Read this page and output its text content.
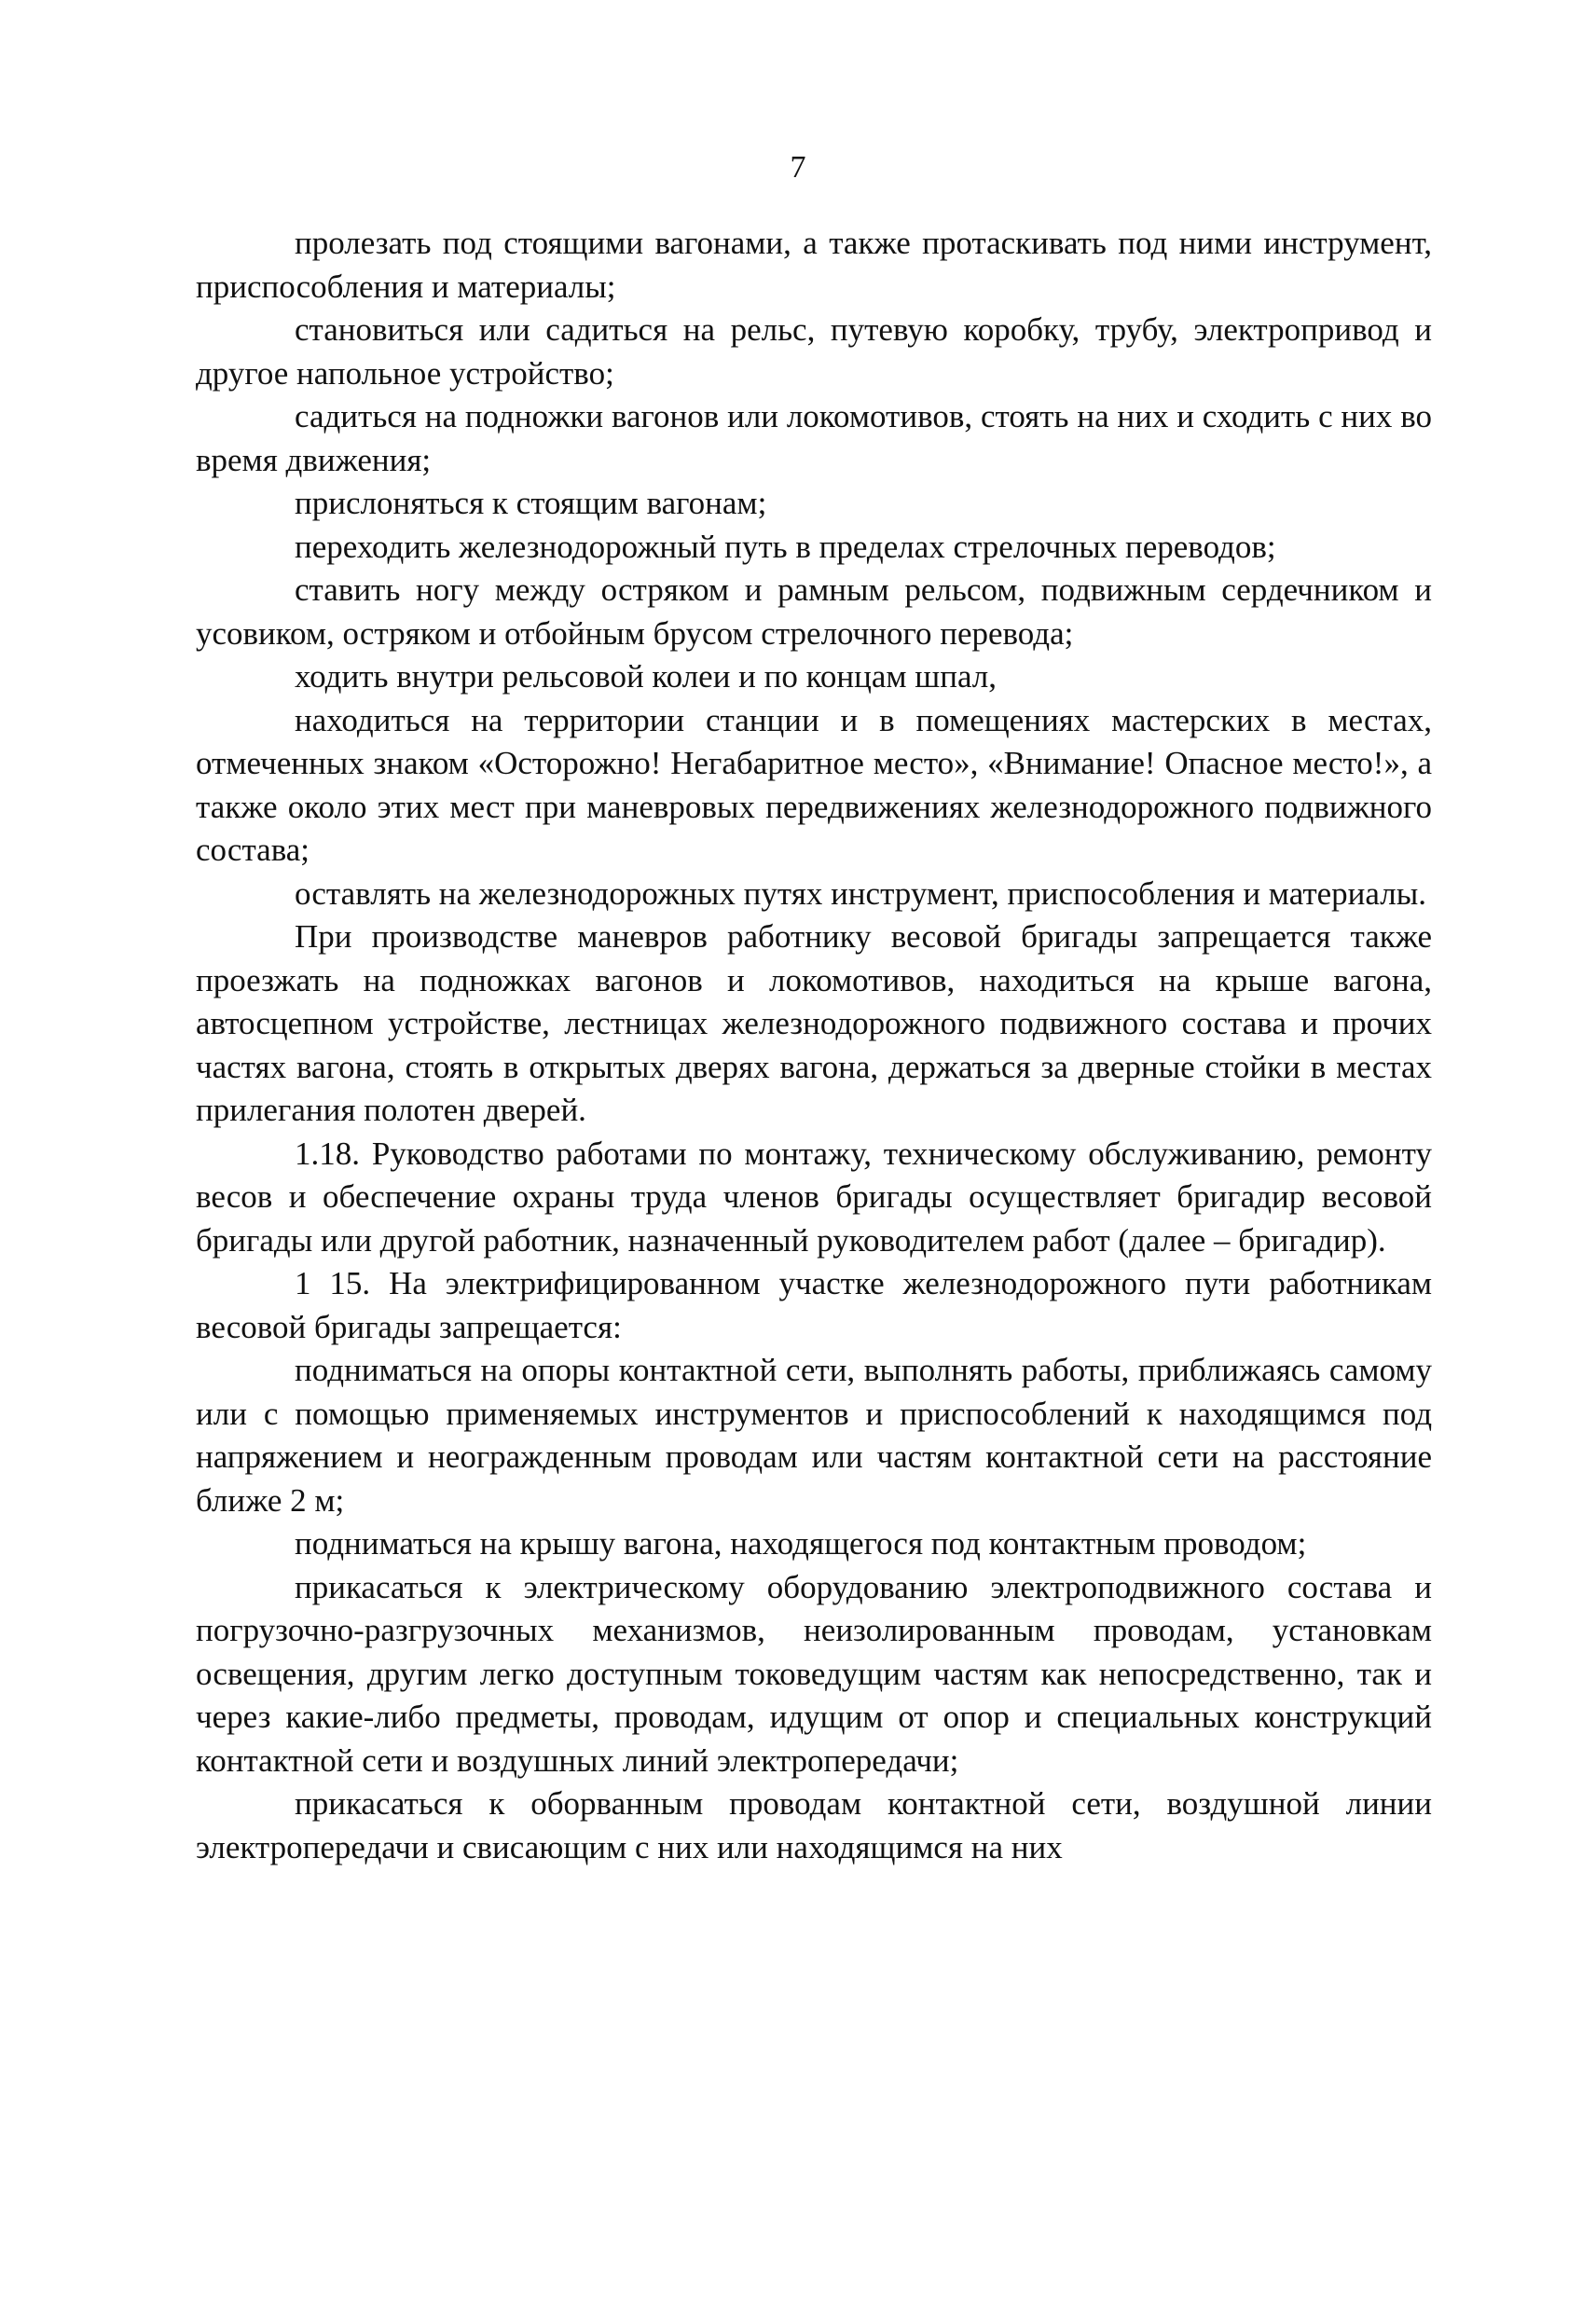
7

пролезать под стоящими вагонами, а также протаскивать под ними инструмент, приспособления и материалы;

становиться или садиться на рельс, путевую коробку, трубу, электропривод и другое напольное устройство;

садиться на подножки вагонов или локомотивов, стоять на них и сходить с них во время движения;

прислоняться к стоящим вагонам;

переходить железнодорожный путь в пределах стрелочных переводов;

ставить ногу между остряком и рамным рельсом, подвижным сердечником и усовиком, остряком и отбойным брусом стрелочного перевода;

ходить внутри рельсовой колеи и по концам шпал,

находиться на территории станции и в помещениях мастерских в местах, отмеченных знаком «Осторожно! Негабаритное место», «Внимание! Опасное место!», а также около этих мест при маневровых передвижениях железнодорожного подвижного состава;

оставлять на железнодорожных путях инструмент, приспособления и материалы.

При производстве маневров работнику весовой бригады запрещается также проезжать на подножках вагонов и локомотивов, находиться на крыше вагона, автосцепном устройстве, лестницах железнодорожного подвижного состава и прочих частях вагона, стоять в открытых дверях вагона, держаться за дверные стойки в местах прилегания полотен дверей.

1.18. Руководство работами по монтажу, техническому обслуживанию, ремонту весов и обеспечение охраны труда членов бригады осуществляет бригадир весовой бригады или другой работник, назначенный руководителем работ (далее – бригадир).

1 15. На электрифицированном участке железнодорожного пути работникам весовой бригады запрещается:

подниматься на опоры контактной сети, выполнять работы, приближаясь самому или с помощью применяемых инструментов и приспособлений к находящимся под напряжением и неогражденным проводам или частям контактной сети на расстояние ближе 2 м;

подниматься на крышу вагона, находящегося под контактным проводом;

прикасаться к электрическому оборудованию электроподвижного состава и погрузочно-разгрузочных механизмов, неизолированным проводам, установкам освещения, другим легко доступным токоведущим частям как непосредственно, так и через какие-либо предметы, проводам, идущим от опор и специальных конструкций контактной сети и воздушных линий электропередачи;

прикасаться к оборванным проводам контактной сети, воздушной линии электропередачи и свисающим с них или находящимся на них
